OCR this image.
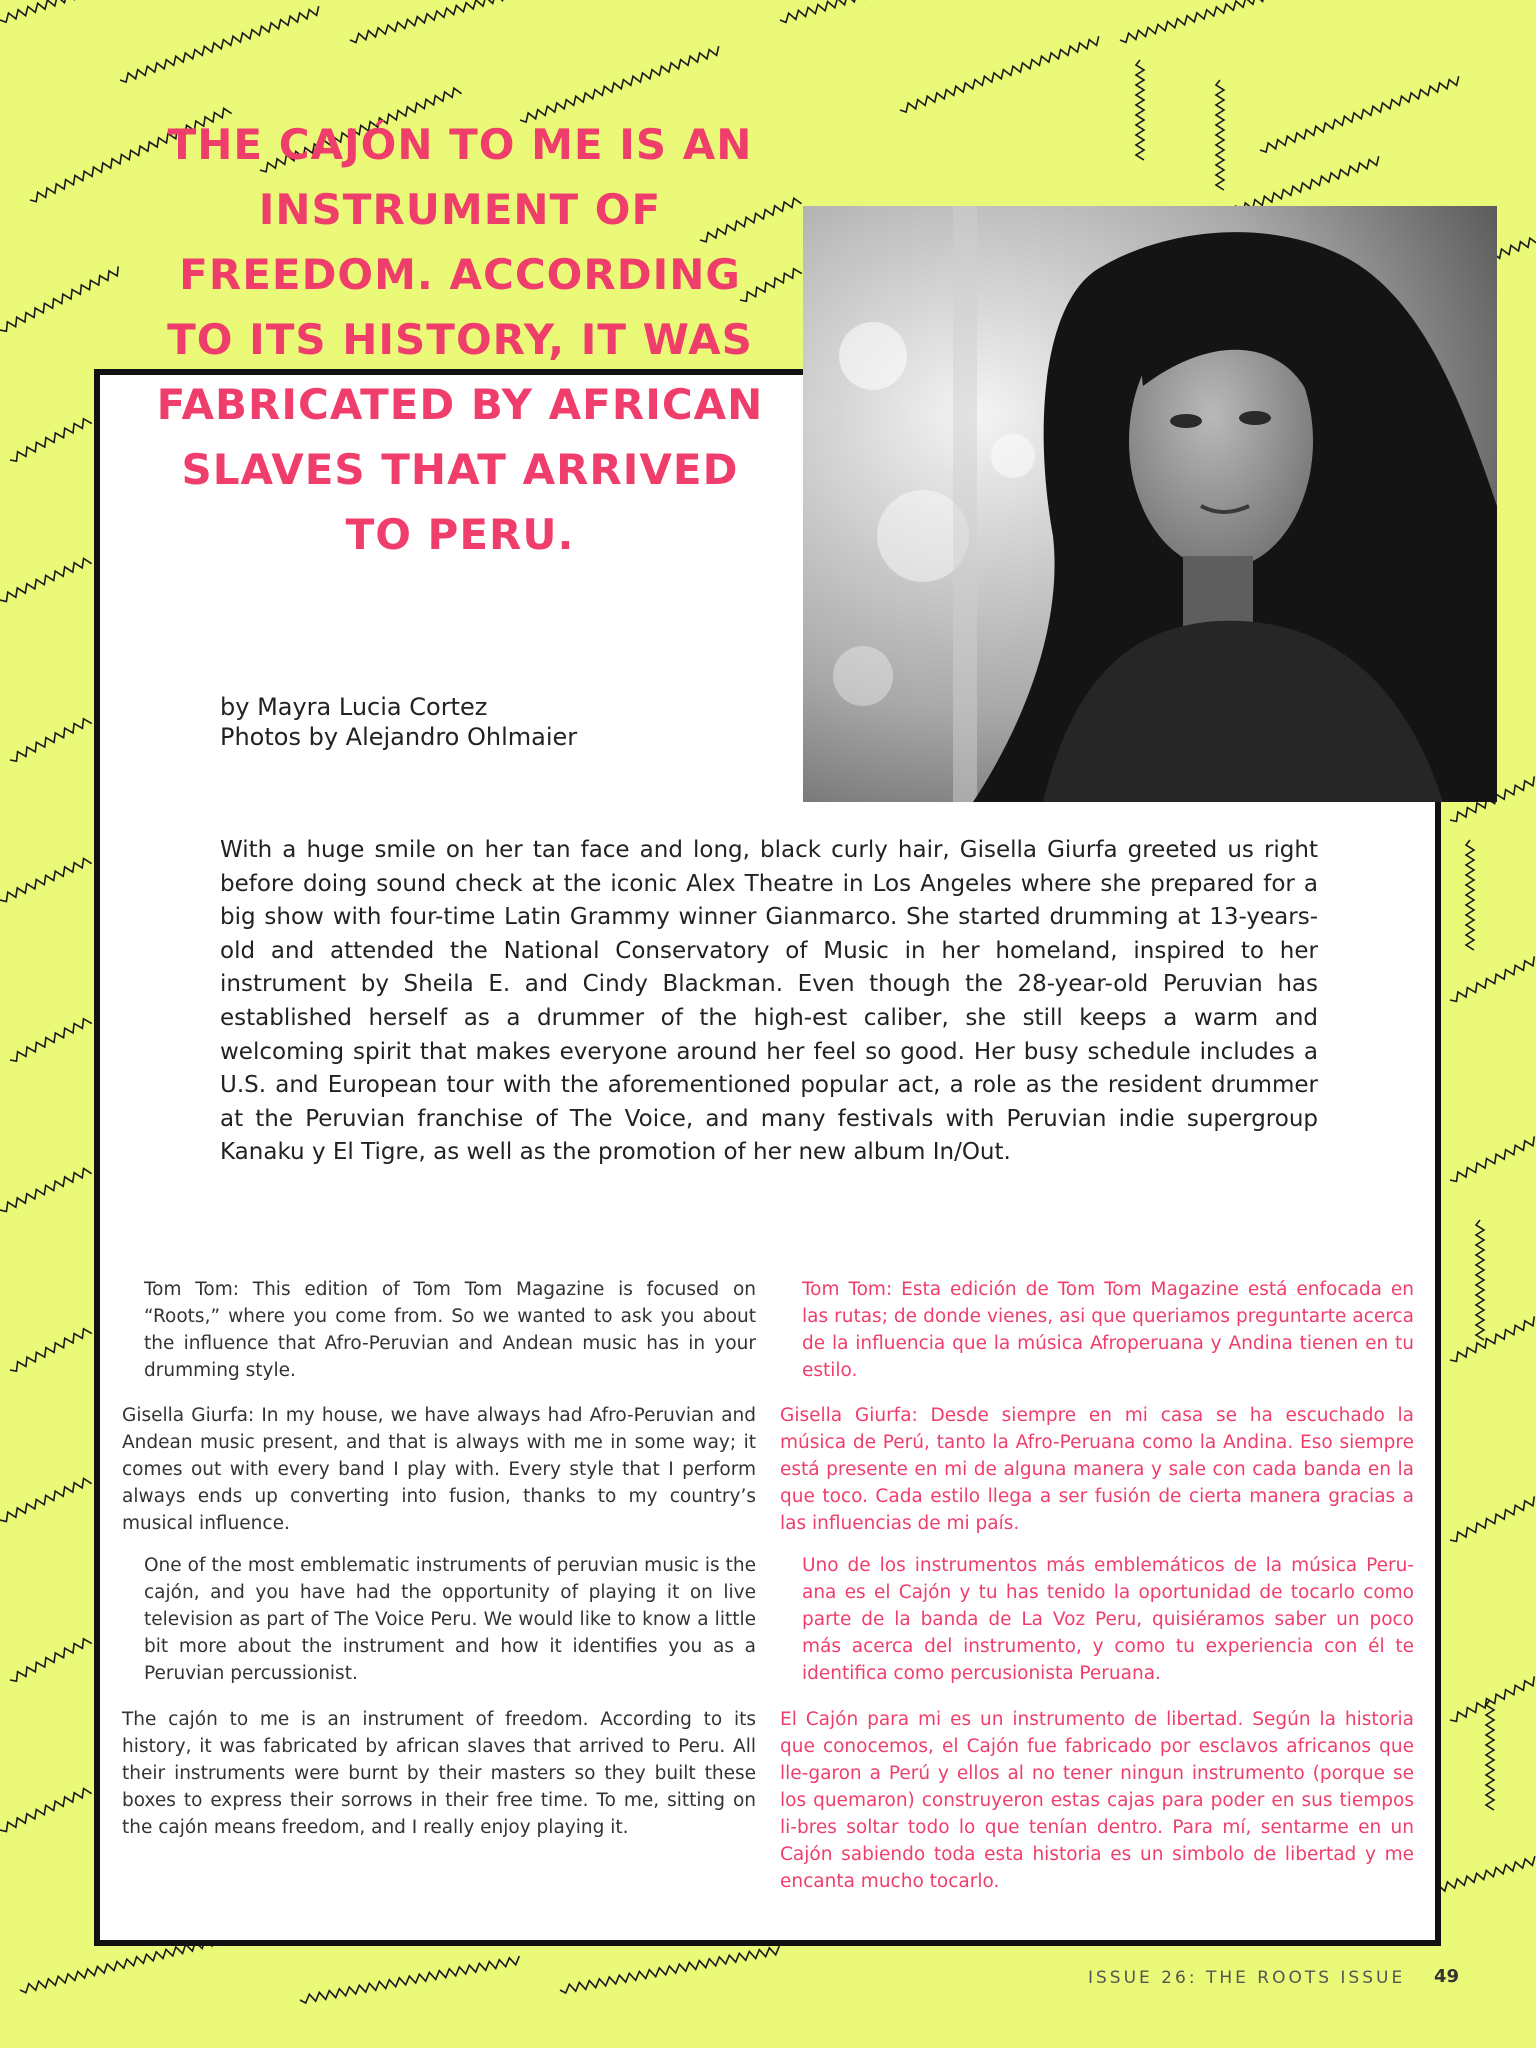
THE CAJÓN TO ME IS AN INSTRUMENT OF FREEDOM. ACCORDING TO ITS HISTORY, IT WAS FABRICATED BY AFRICAN SLAVES THAT ARRIVED TO PERU.

by Mayra Lucia Cortez
Photos by Alejandro Ohlmaier

With a huge smile on her tan face and long, black curly hair, Gisella Giurfa greeted us right before doing sound check at the iconic Alex Theatre in Los Angeles where she prepared for a big show with four-time Latin Grammy winner Gianmarco. She started drumming at 13-years-old and attended the National Conservatory of Music in her homeland, inspired to her instrument by Sheila E. and Cindy Blackman. Even though the 28-year-old Peruvian has established herself as a drummer of the high-est caliber, she still keeps a warm and welcoming spirit that makes everyone around her feel so good. Her busy schedule includes a U.S. and European tour with the aforementioned popular act, a role as the resident drummer at the Peruvian franchise of The Voice, and many festivals with Peruvian indie supergroup Kanaku y El Tigre, as well as the promotion of her new album In/Out.

Tom Tom: This edition of Tom Tom Magazine is focused on “Roots,” where you come from. So we wanted to ask you about the influence that Afro-Peruvian and Andean music has in your drumming style.

Gisella Giurfa: In my house, we have always had Afro-Peruvian and Andean music present, and that is always with me in some way; it comes out with every band I play with. Every style that I perform always ends up converting into fusion, thanks to my country’s musical influence.

One of the most emblematic instruments of peruvian music is the cajón, and you have had the opportunity of playing it on live television as part of The Voice Peru. We would like to know a little bit more about the instrument and how it identifies you as a Peruvian percussionist.

The cajón to me is an instrument of freedom. According to its history, it was fabricated by african slaves that arrived to Peru. All their instruments were burnt by their masters so they built these boxes to express their sorrows in their free time. To me, sitting on the cajón means freedom, and I really enjoy playing it.

Tom Tom: Esta edición de Tom Tom Magazine está enfocada en las rutas; de donde vienes, asi que queriamos preguntarte acerca de la influencia que la música Afroperuana y Andina tienen en tu estilo.

Gisella Giurfa: Desde siempre en mi casa se ha escuchado la música de Perú, tanto la Afro-Peruana como la Andina. Eso siempre está presente en mi de alguna manera y sale con cada banda en la que toco. Cada estilo llega a ser fusión de cierta manera gracias a las influencias de mi país.

Uno de los instrumentos más emblemáticos de la música Peru-ana es el Cajón y tu has tenido la oportunidad de tocarlo como parte de la banda de La Voz Peru, quisiéramos saber un poco más acerca del instrumento, y como tu experiencia con él te identifica como percusionista Peruana.

El Cajón para mi es un instrumento de libertad. Según la historia que conocemos, el Cajón fue fabricado por esclavos africanos que lle-garon a Perú y ellos al no tener ningun instrumento (porque se los quemaron) construyeron estas cajas para poder en sus tiempos li-bres soltar todo lo que tenían dentro. Para mí, sentarme en un Cajón sabiendo toda esta historia es un simbolo de libertad y me encanta mucho tocarlo.

ISSUE 26: THE ROOTS ISSUE 49
